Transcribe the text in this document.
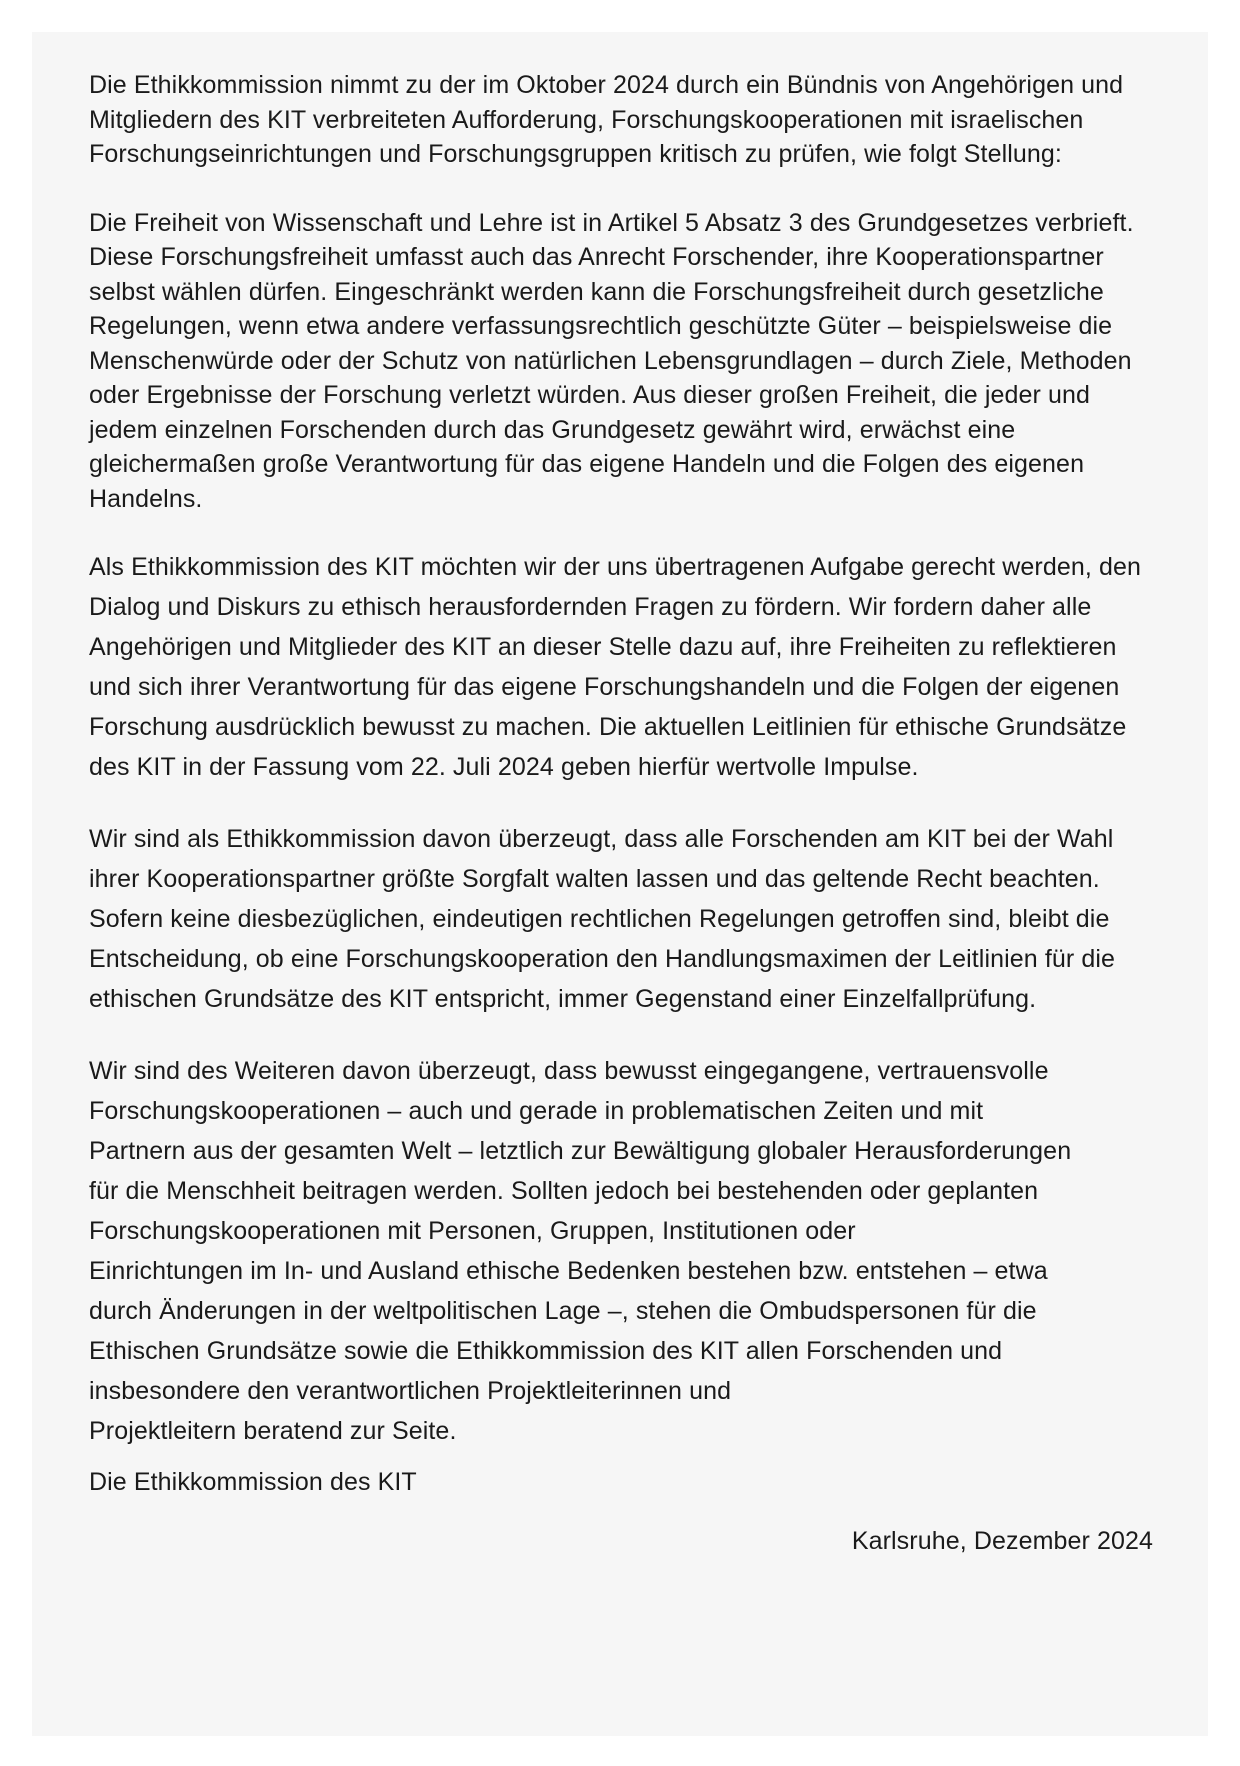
Die Ethikkommission nimmt zu der im Oktober 2024 durch ein Bündnis von Angehörigen und Mitgliedern des KIT verbreiteten Aufforderung, Forschungskooperationen mit israelischen Forschungseinrichtungen und Forschungsgruppen kritisch zu prüfen, wie folgt Stellung:

Die Freiheit von Wissenschaft und Lehre ist in Artikel 5 Absatz 3 des Grundgesetzes verbrieft. Diese Forschungsfreiheit umfasst auch das Anrecht Forschender, ihre Kooperationspartner selbst wählen dürfen. Eingeschränkt werden kann die Forschungsfreiheit durch gesetzliche Regelungen, wenn etwa andere verfassungsrechtlich geschützte Güter – beispielsweise die Menschenwürde oder der Schutz von natürlichen Lebensgrundlagen – durch Ziele, Methoden oder Ergebnisse der Forschung verletzt würden. Aus dieser großen Freiheit, die jeder und jedem einzelnen Forschenden durch das Grundgesetz gewährt wird, erwächst eine gleichermaßen große Verantwortung für das eigene Handeln und die Folgen des eigenen Handelns.

Als Ethikkommission des KIT möchten wir der uns übertragenen Aufgabe gerecht werden, den Dialog und Diskurs zu ethisch herausfordernden Fragen zu fördern. Wir fordern daher alle Angehörigen und Mitglieder des KIT an dieser Stelle dazu auf, ihre Freiheiten zu reflektieren und sich ihrer Verantwortung für das eigene Forschungshandeln und die Folgen der eigenen Forschung ausdrücklich bewusst zu machen. Die aktuellen Leitlinien für ethische Grundsätze des KIT in der Fassung vom 22. Juli 2024 geben hierfür wertvolle Impulse.

Wir sind als Ethikkommission davon überzeugt, dass alle Forschenden am KIT bei der Wahl ihrer Kooperationspartner größte Sorgfalt walten lassen und das geltende Recht beachten. Sofern keine diesbezüglichen, eindeutigen rechtlichen Regelungen getroffen sind, bleibt die Entscheidung, ob eine Forschungskooperation den Handlungsmaximen der Leitlinien für die ethischen Grundsätze des KIT entspricht, immer Gegenstand einer Einzelfallprüfung.

Wir sind des Weiteren davon überzeugt, dass bewusst eingegangene, vertrauensvolle
Forschungskooperationen – auch und gerade in problematischen Zeiten und mit
Partnern aus der gesamten Welt – letztlich zur Bewältigung globaler Herausforderungen
für die Menschheit beitragen werden. Sollten jedoch bei bestehenden oder geplanten
Forschungskooperationen mit Personen, Gruppen, Institutionen oder
Einrichtungen im In- und Ausland ethische Bedenken bestehen bzw. entstehen – etwa
durch Änderungen in der weltpolitischen Lage –, stehen die Ombudspersonen für die
Ethischen Grundsätze sowie die Ethikkommission des KIT allen Forschenden und
insbesondere den verantwortlichen Projektleiterinnen und
Projektleitern beratend zur Seite.

Die Ethikkommission des KIT

Karlsruhe, Dezember 2024
